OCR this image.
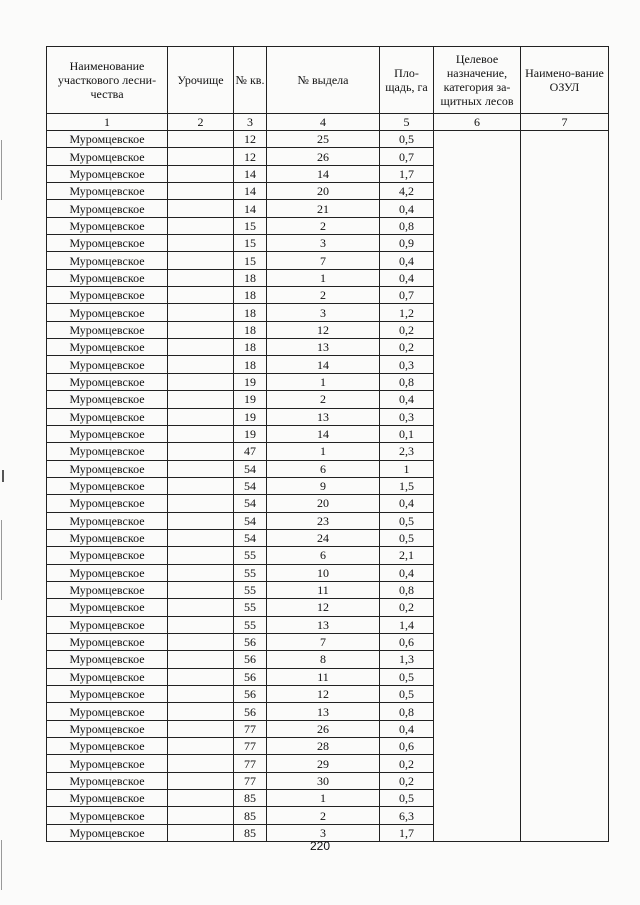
Наименование участкового лесни-чества	Урочище	№ кв.	№ выдела	Пло-щадь, га	Целевое назначение, категория за-щитных лесов	Наимено-вание ОЗУЛ
1	2	3	4	5	6	7
Муромцевское		12	25	0,5		
Муромцевское		12	26	0,7		
Муромцевское		14	14	1,7		
Муромцевское		14	20	4,2		
Муромцевское		14	21	0,4		
Муромцевское		15	2	0,8		
Муромцевское		15	3	0,9		
Муромцевское		15	7	0,4		
Муромцевское		18	1	0,4		
Муромцевское		18	2	0,7		
Муромцевское		18	3	1,2		
Муромцевское		18	12	0,2		
Муромцевское		18	13	0,2		
Муромцевское		18	14	0,3		
Муромцевское		19	1	0,8		
Муромцевское		19	2	0,4		
Муромцевское		19	13	0,3		
Муромцевское		19	14	0,1		
Муромцевское		47	1	2,3		
Муромцевское		54	6	1		
Муромцевское		54	9	1,5		
Муромцевское		54	20	0,4		
Муромцевское		54	23	0,5		
Муромцевское		54	24	0,5		
Муромцевское		55	6	2,1		
Муромцевское		55	10	0,4		
Муромцевское		55	11	0,8		
Муромцевское		55	12	0,2		
Муромцевское		55	13	1,4		
Муромцевское		56	7	0,6		
Муромцевское		56	8	1,3		
Муромцевское		56	11	0,5		
Муромцевское		56	12	0,5		
Муромцевское		56	13	0,8		
Муромцевское		77	26	0,4		
Муромцевское		77	28	0,6		
Муромцевское		77	29	0,2		
Муромцевское		77	30	0,2		
Муромцевское		85	1	0,5		
Муромцевское		85	2	6,3		
Муромцевское		85	3	1,7		
220
